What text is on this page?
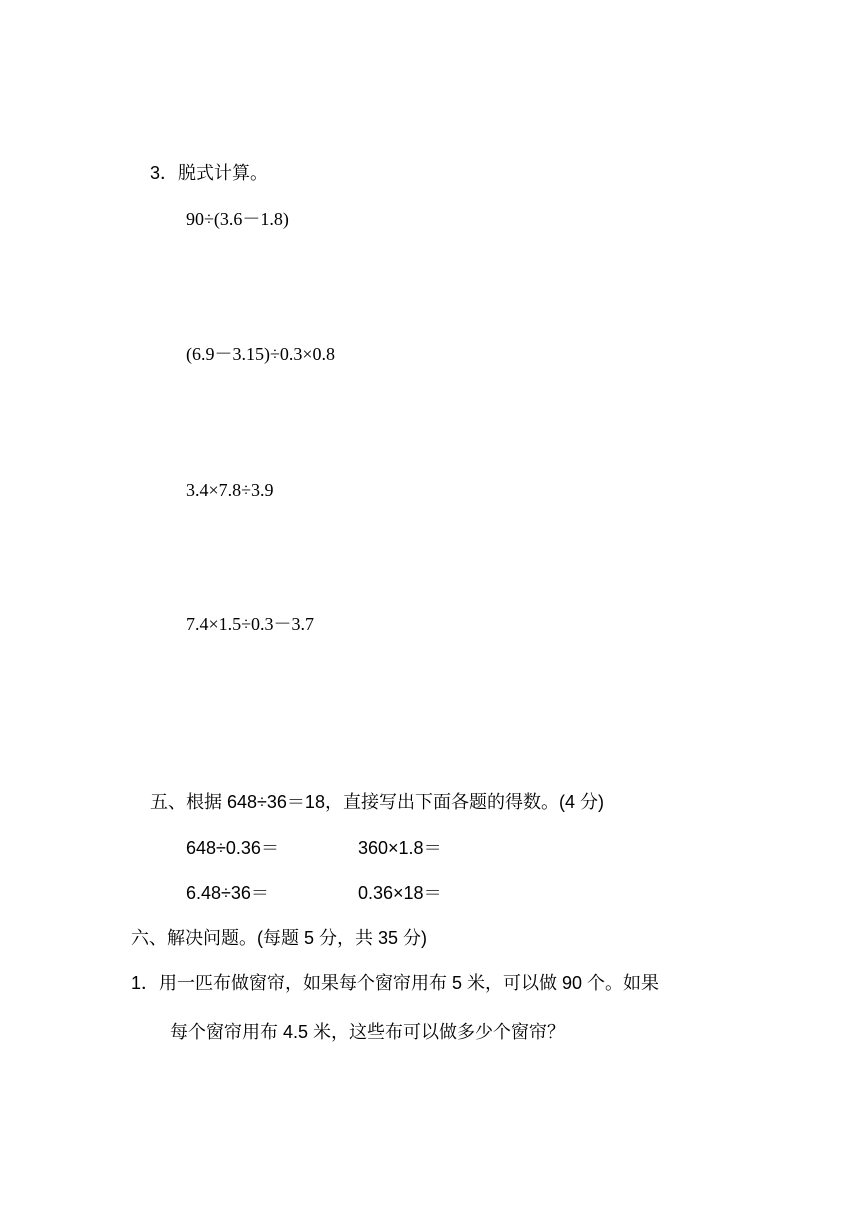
3．脱式计算。
90÷(3.6－1.8)
(6.9－3.15)÷0.3×0.8
3.4×7.8÷3.9
7.4×1.5÷0.3－3.7
五、根据 648÷36＝18，直接写出下面各题的得数。(4 分)
648÷0.36＝	360×1.8＝
6.48÷36＝	0.36×18＝
六、解决问题。(每题 5 分，共 35 分)
1．用一匹布做窗帘，如果每个窗帘用布 5 米，可以做 90 个。如果
每个窗帘用布 4.5 米，这些布可以做多少个窗帘？
